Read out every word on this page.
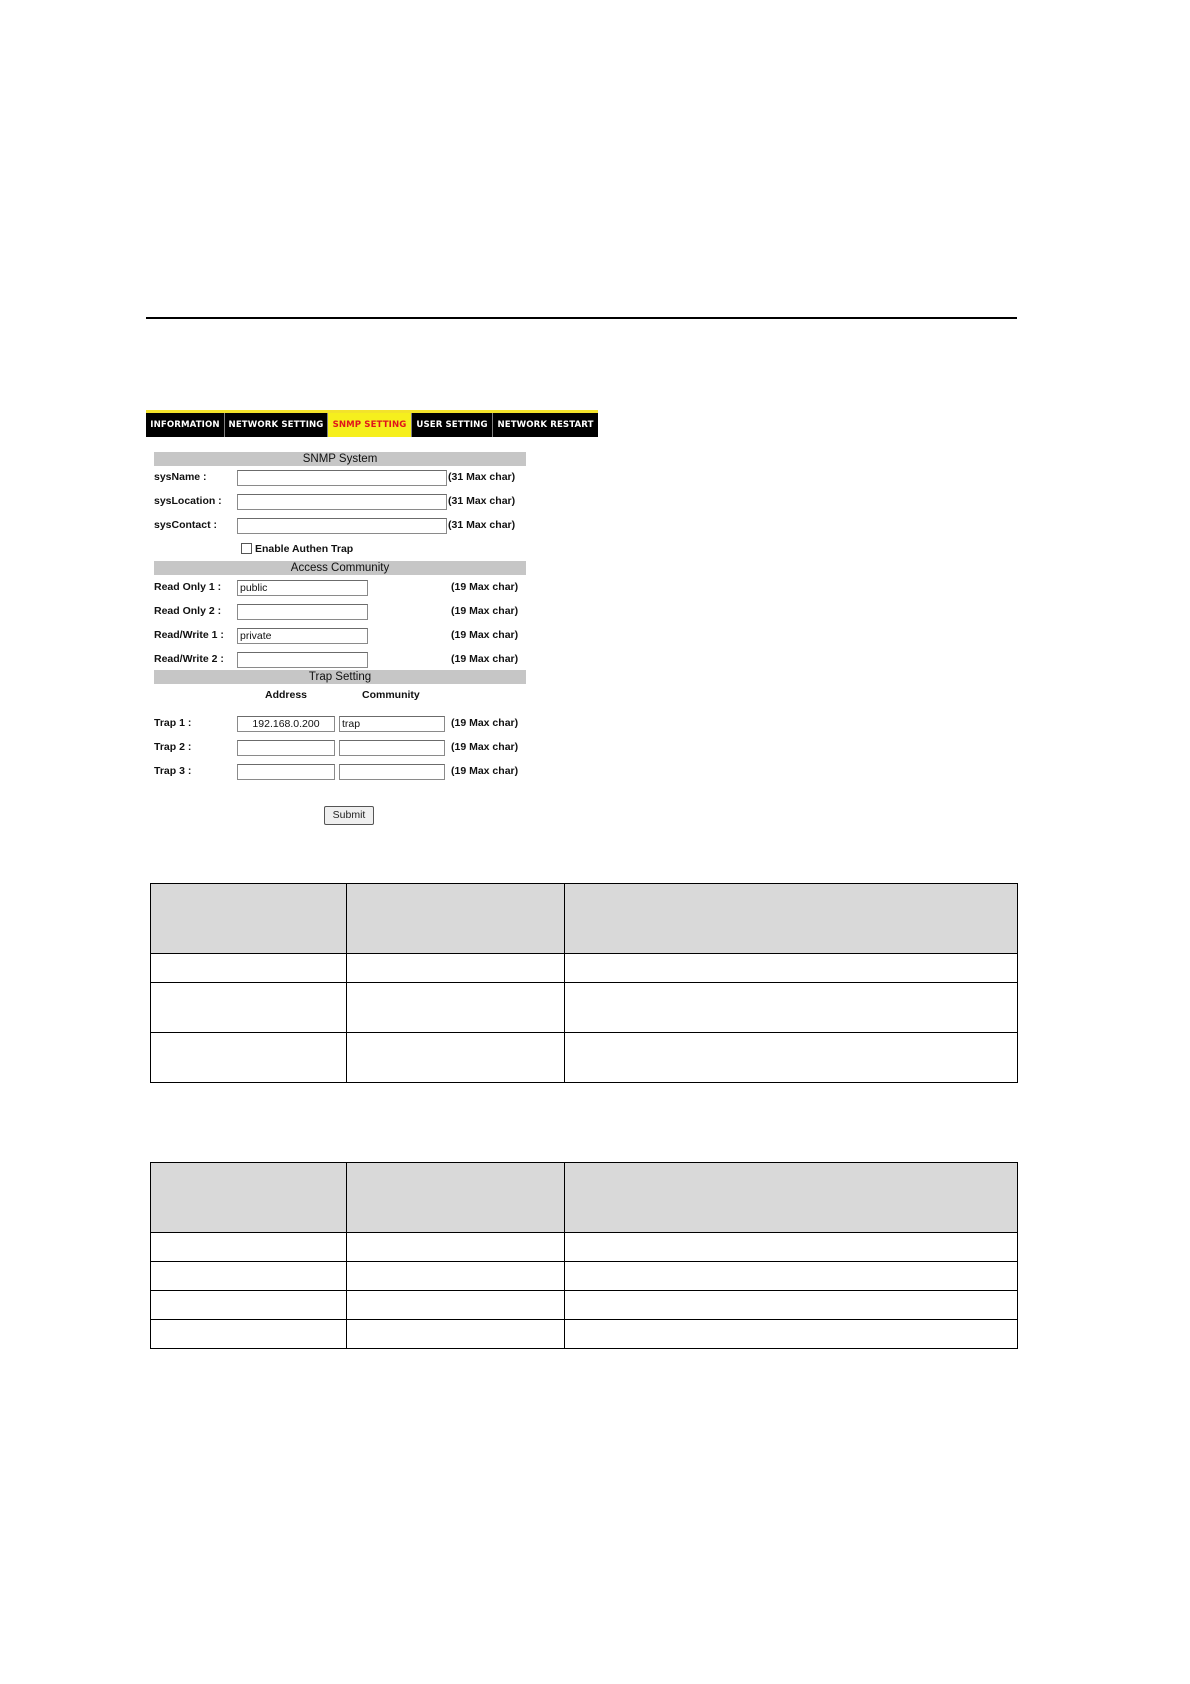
INFORMATION	NETWORK SETTING	SNMP SETTING	USER SETTING	NETWORK RESTART
SNMP System
sysName :	(31 Max char)
sysLocation :	(31 Max char)
sysContact :	(31 Max char)
Enable Authen Trap
Access Community
Read Only 1 : public	(19 Max char)
Read Only 2 :	(19 Max char)
Read/Write 1 : private	(19 Max char)
Read/Write 2 :	(19 Max char)
Trap Setting
Address	Community
Trap 1 :	192.168.0.200	trap	(19 Max char)
Trap 2 :	(19 Max char)
Trap 3 :	(19 Max char)
Submit
